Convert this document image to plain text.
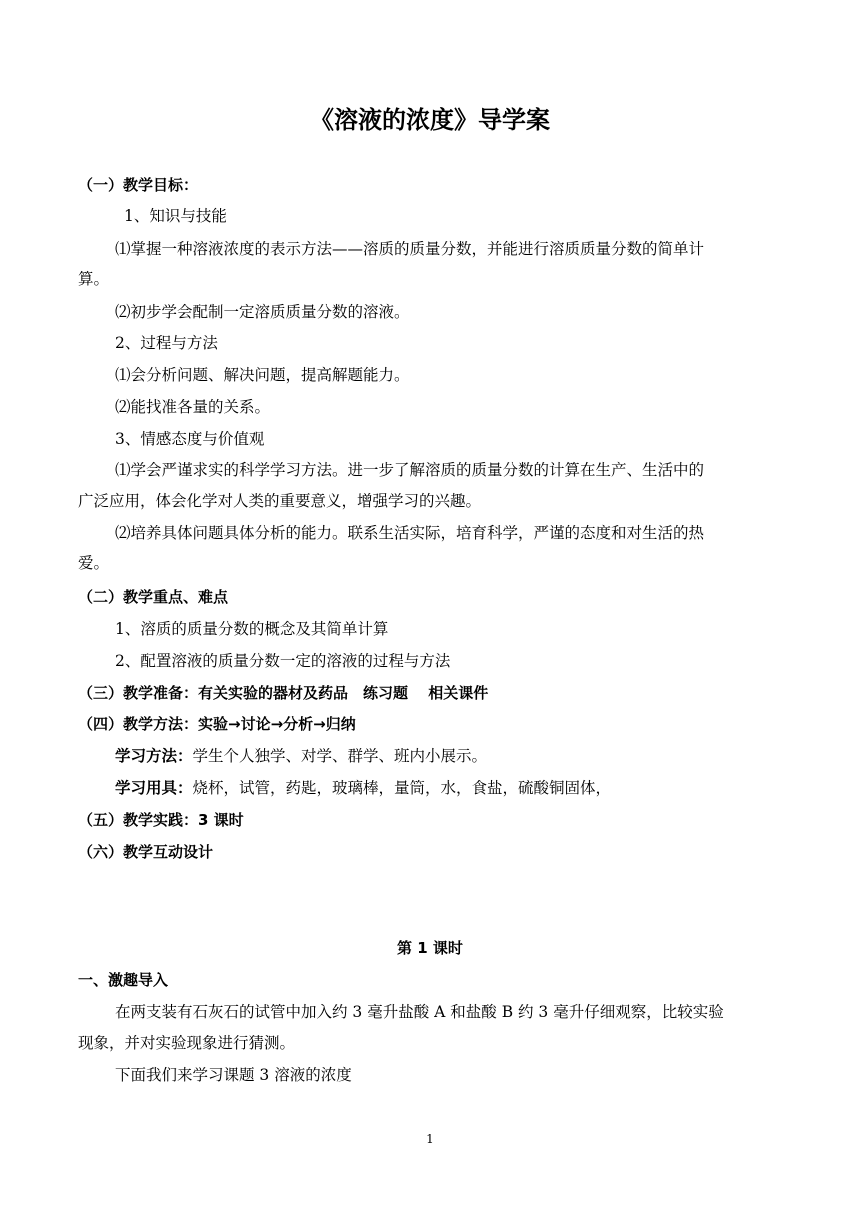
《溶液的浓度》导学案
（一）教学目标：
1、知识与技能
⑴掌握一种溶液浓度的表示方法——溶质的质量分数，并能进行溶质质量分数的简单计
算。
⑵初步学会配制一定溶质质量分数的溶液。
2、过程与方法
⑴会分析问题、解决问题，提高解题能力。
⑵能找准各量的关系。
3、情感态度与价值观
⑴学会严谨求实的科学学习方法。进一步了解溶质的质量分数的计算在生产、生活中的
广泛应用，体会化学对人类的重要意义，增强学习的兴趣。
⑵培养具体问题具体分析的能力。联系生活实际，培育科学，严谨的态度和对生活的热
爱。
（二）教学重点、难点
1、溶质的质量分数的概念及其简单计算
2、配置溶液的质量分数一定的溶液的过程与方法
（三）教学准备：有关实验的器材及药品　练习题　 相关课件
（四）教学方法：实验→讨论→分析→归纳
学习方法：学生个人独学、对学、群学、班内小展示。
学习用具：烧杯，试管，药匙，玻璃棒，量筒，水，食盐，硫酸铜固体，
（五）教学实践：3 课时
（六）教学互动设计
第 1 课时
一、激趣导入
在两支装有石灰石的试管中加入约 3 毫升盐酸 A 和盐酸 B 约 3 毫升仔细观察，比较实验
现象，并对实验现象进行猜测。
下面我们来学习课题 3 溶液的浓度
1
